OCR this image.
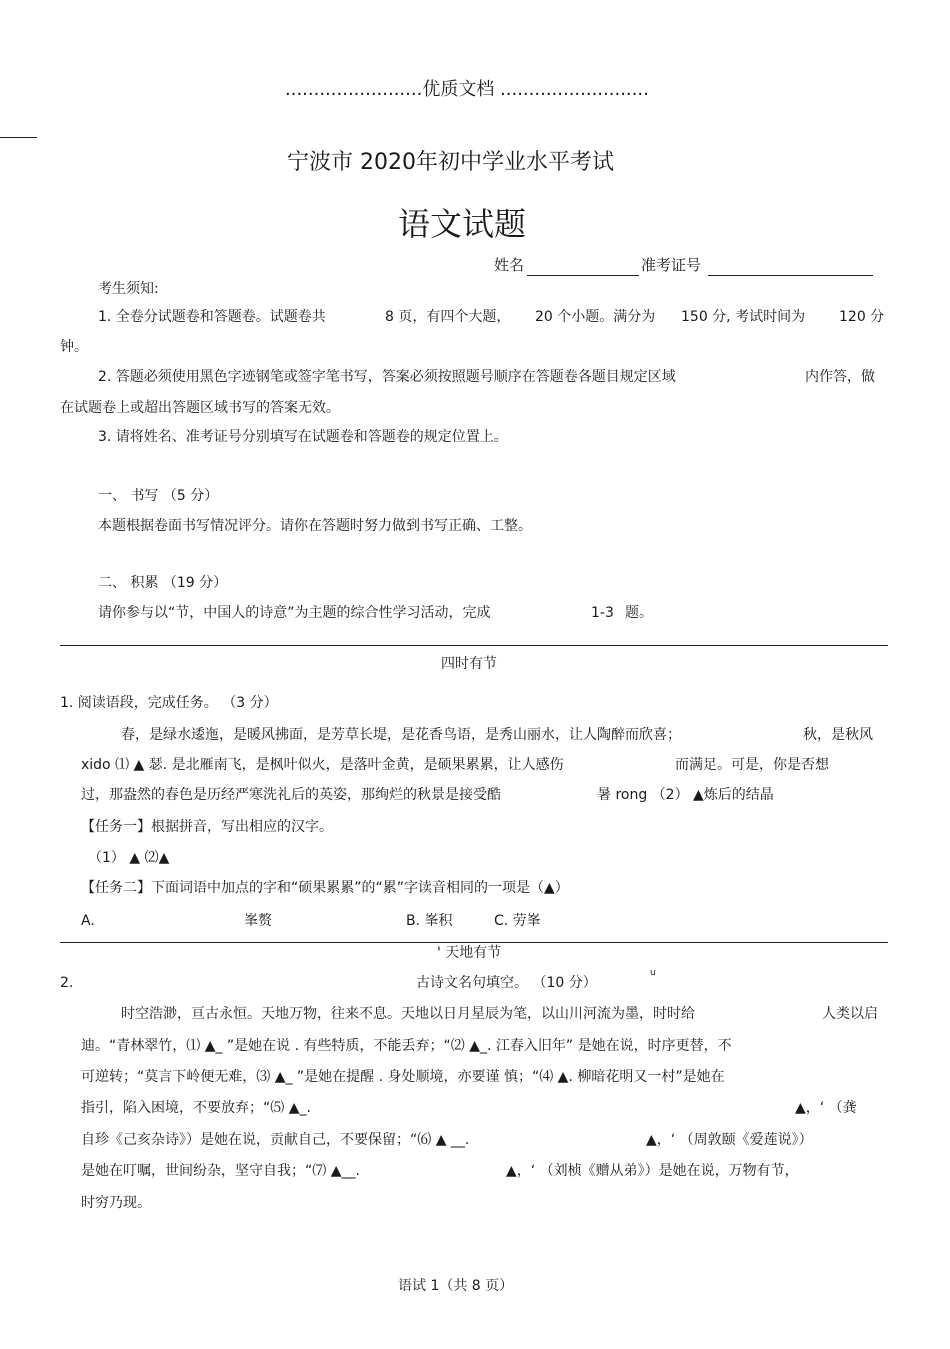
........................优质文档 ..........................
宁波市 2020年初中学业水平考试
语文试题
姓名	准考证号
考生须知:
1. 全卷分试题卷和答题卷。试题卷共	8 页，有四个大题， 20 个小题。满分为 150 分, 考试时间为 120 分
钟。
2. 答题必须使用黑色字迹钢笔或签字笔书写，答案必须按照题号顺序在答题卷各题目规定区域	内作答，做
在试题卷上或超出答题区域书写的答案无效。
3. 请将姓名、准考证号分别填写在试题卷和答题卷的规定位置上。
一、 书写 （5 分）
本题根据卷面书写情况评分。请你在答题时努力做到书写正确、工整。
二、 积累 （19 分）
请你参与以“节，中国人的诗意”为主题的综合性学习活动，完成	1-3 题。
四时有节
1. 阅读语段，完成任务。 （3 分）
春，是绿水逶迤，是暖风拂面，是芳草长堤，是花香鸟语，是秀山丽水，让人陶醉而欣喜；	秋，是秋风
xido ⑴ ▲ 瑟. 是北雁南飞，是枫叶似火，是落叶金黄，是硕果累累，让人感伤	而满足。可是，你是否想
过，那盎然的春色是历经严寒洗礼后的英姿，那绚烂的秋景是接受酷	暑 rong （2） ▲炼后的结晶
【任务一】根据拼音，写出相应的汉字。
（1） ▲ ⑵▲
【任务二】下面词语中加点的字和“硕果累累”的“累”字读音相同的一项是（▲）
A.	峯赘	B. 峯积	C. 劳峯
' 天地有节
2.	古诗文名句填空。 （10 分）
u
时空浩渺，亘古永恒。天地万物，往来不息。天地以日月星辰为笔，以山川河流为墨，时时给	人类以启
迪。“青林翠竹，⑴ ▲_ ”是她在说 . 有些特质，不能丢弃；“⑵ ▲_. 江春入旧年” 是她在说，时序更替，不
可逆转；“莫言下岭便无难，⑶ ▲_ ”是她在提醒 . 身处顺境，亦要谨 慎；“⑷ ▲. 柳暗花明又一村”是她在
指引，陷入困境，不要放弃；“⑸ ▲_.	▲，‘ （龚
自珍《己亥杂诗》）是她在说，贡献自己，不要保留；“⑹ ▲ __.	▲，‘ （周敦颐《爱莲说》）
是她在叮嘱，世间纷杂，坚守自我；“⑺ ▲__.	▲，‘ （刘桢《赠从弟》）是她在说，万物有节，
时穷乃现。
语试 1（共 8 页）
